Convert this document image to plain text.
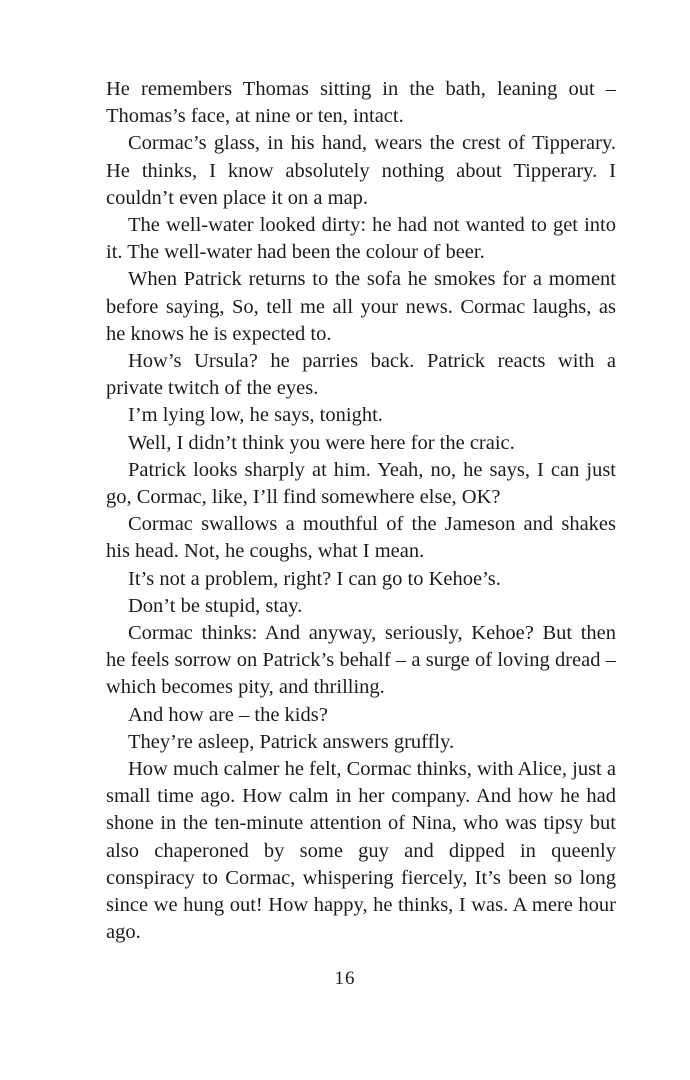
He remembers Thomas sitting in the bath, leaning out – Thomas’s face, at nine or ten, intact.

Cormac’s glass, in his hand, wears the crest of Tipperary. He thinks, I know absolutely nothing about Tipperary. I couldn’t even place it on a map.

The well-water looked dirty: he had not wanted to get into it. The well-water had been the colour of beer.

When Patrick returns to the sofa he smokes for a moment before saying, So, tell me all your news. Cormac laughs, as he knows he is expected to.

How’s Ursula? he parries back. Patrick reacts with a private twitch of the eyes.

I’m lying low, he says, tonight.

Well, I didn’t think you were here for the craic.

Patrick looks sharply at him. Yeah, no, he says, I can just go, Cormac, like, I’ll find somewhere else, OK?

Cormac swallows a mouthful of the Jameson and shakes his head. Not, he coughs, what I mean.

It’s not a problem, right? I can go to Kehoe’s.

Don’t be stupid, stay.

Cormac thinks: And anyway, seriously, Kehoe? But then he feels sorrow on Patrick’s behalf – a surge of loving dread – which becomes pity, and thrilling.

And how are – the kids?

They’re asleep, Patrick answers gruffly.

How much calmer he felt, Cormac thinks, with Alice, just a small time ago. How calm in her company. And how he had shone in the ten-minute attention of Nina, who was tipsy but also chaperoned by some guy and dipped in queenly conspiracy to Cormac, whispering fiercely, It’s been so long since we hung out! How happy, he thinks, I was. A mere hour ago.

16
